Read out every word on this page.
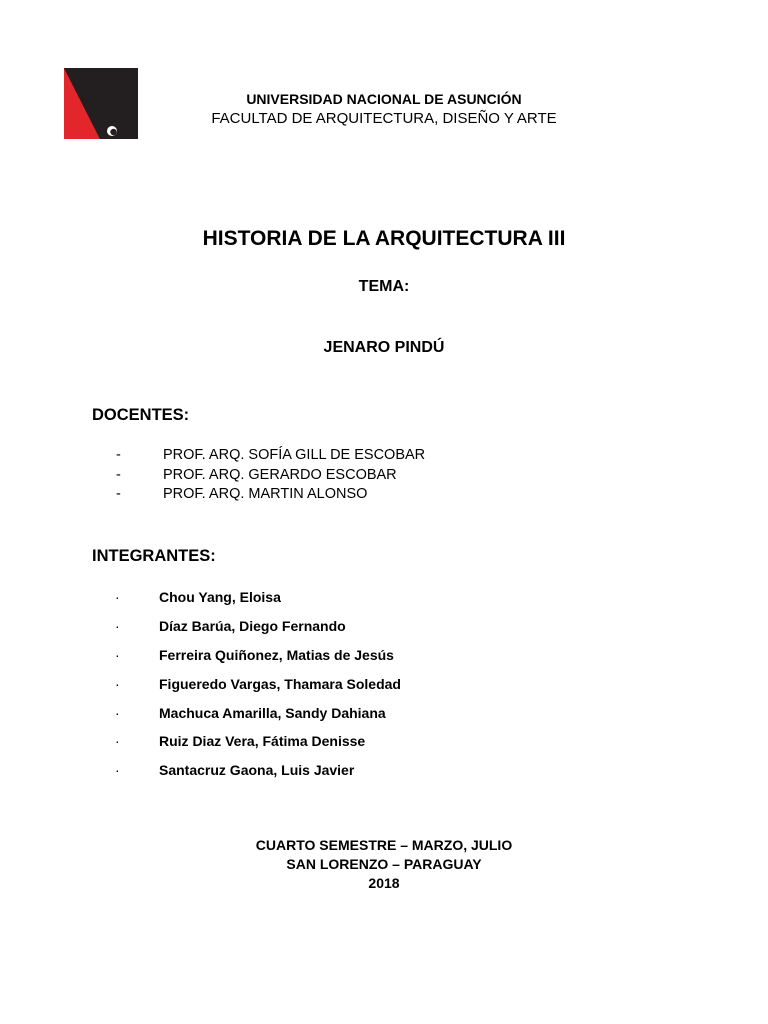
UNIVERSIDAD NACIONAL DE ASUNCIÓN
FACULTAD DE ARQUITECTURA, DISEÑO Y ARTE
HISTORIA DE LA ARQUITECTURA III
TEMA:
JENARO PINDÚ
DOCENTES:
-	PROF. ARQ. SOFÍA GILL DE ESCOBAR
-	PROF. ARQ. GERARDO ESCOBAR
-	PROF. ARQ. MARTIN ALONSO
INTEGRANTES:
·	Chou Yang, Eloisa
·	Díaz Barúa, Diego Fernando
·	Ferreira Quiñonez, Matias de Jesús
·	Figueredo Vargas, Thamara Soledad
·	Machuca Amarilla, Sandy Dahiana
·	Ruiz Diaz Vera, Fátima Denisse
·	Santacruz Gaona, Luis Javier
CUARTO SEMESTRE – MARZO, JULIO
SAN LORENZO – PARAGUAY
2018
